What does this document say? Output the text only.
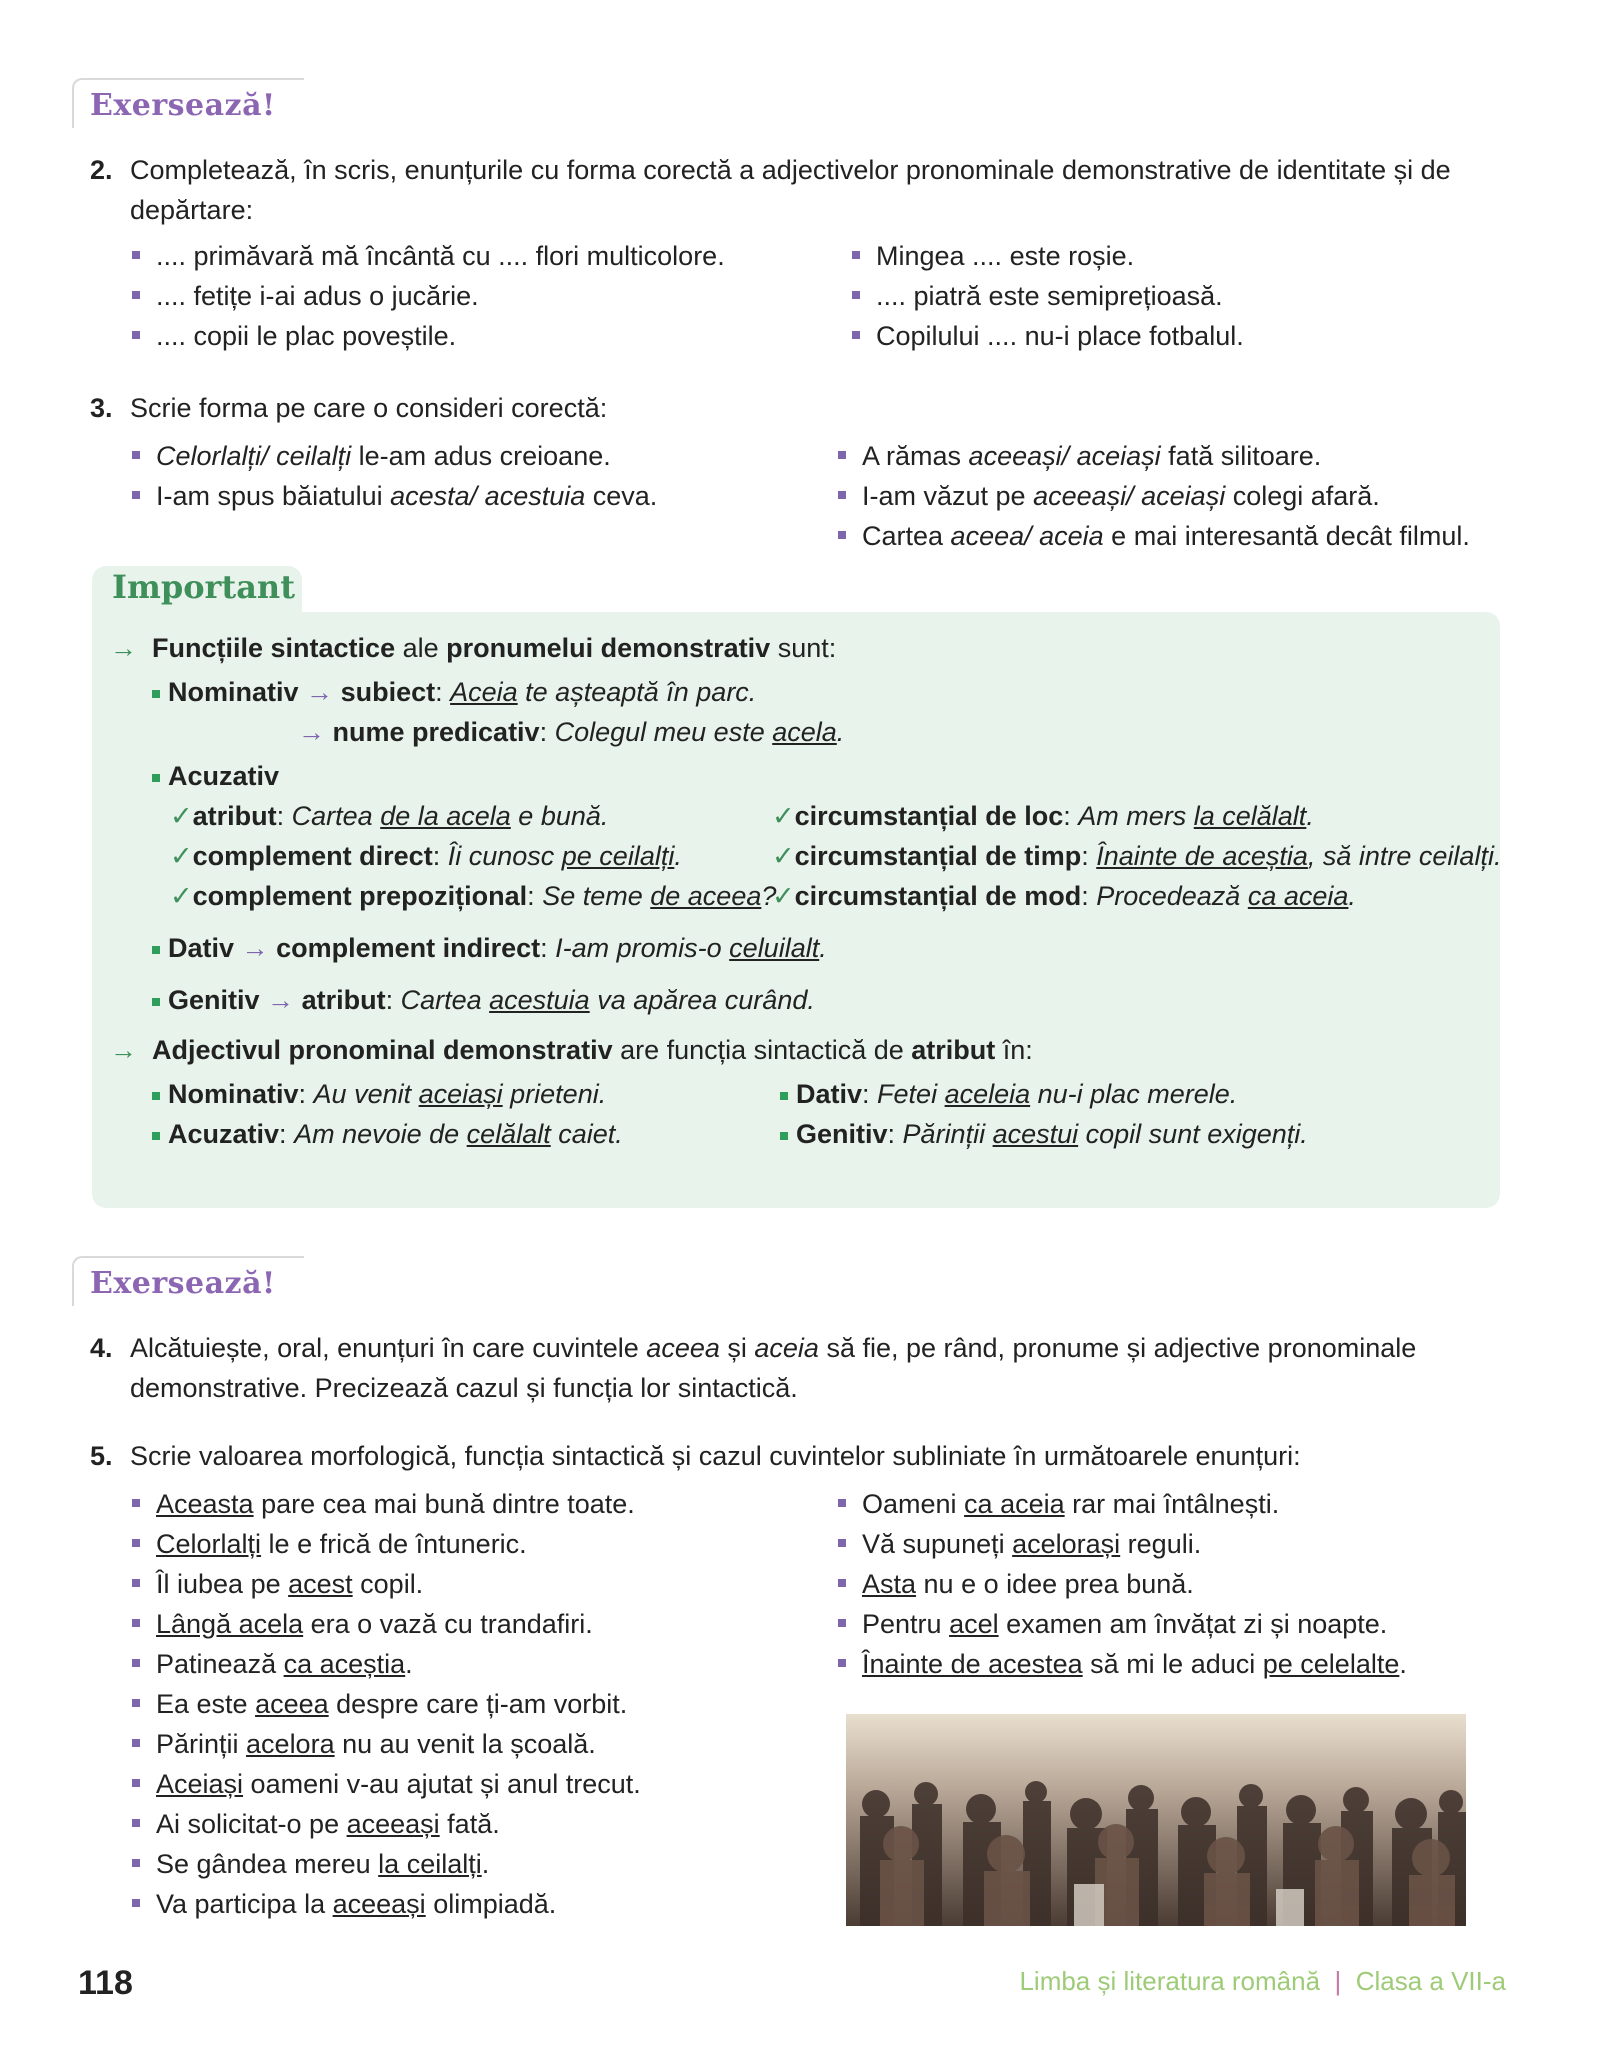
Exersează!
2. Completează, în scris, enunțurile cu forma corectă a adjectivelor pronominale demonstrative de identitate și de depărtare:
.... primăvară mă încântă cu .... flori multicolore.
.... fetițe i-ai adus o jucărie.
.... copii le plac poveștile.
Mingea .... este roșie.
.... piatră este semiprețioasă.
Copilului .... nu-i place fotbalul.
3. Scrie forma pe care o consideri corectă:
Celorlalți/ ceilalți le-am adus creioane.
I-am spus băiatului acesta/ acestuia ceva.
A rămas aceeași/ aceiași fată silitoare.
I-am văzut pe aceeași/ aceiași colegi afară.
Cartea aceea/ aceia e mai interesantă decât filmul.
Important
→ Funcțiile sintactice ale pronumelui demonstrativ sunt:
Nominativ → subiect: Aceia te așteaptă în parc.
→ nume predicativ: Colegul meu este acela.
Acuzativ
✓atribut: Cartea de la acela e bună.
✓complement direct: Îi cunosc pe ceilalți.
✓complement prepozițional: Se teme de aceea?
✓circumstanțial de loc: Am mers la celălalt.
✓circumstanțial de timp: Înainte de aceștia, să intre ceilalți.
✓circumstanțial de mod: Procedează ca aceia.
Dativ → complement indirect: I-am promis-o celuilalt.
Genitiv → atribut: Cartea acestuia va apărea curând.
→ Adjectivul pronominal demonstrativ are funcția sintactică de atribut în:
Nominativ: Au venit aceiași prieteni.
Acuzativ: Am nevoie de celălalt caiet.
Dativ: Fetei aceleia nu-i plac merele.
Genitiv: Părinții acestui copil sunt exigenți.
Exersează!
4. Alcătuiește, oral, enunțuri în care cuvintele aceea și aceia să fie, pe rând, pronume și adjective pronominale demonstrative. Precizează cazul și funcția lor sintactică.
5. Scrie valoarea morfologică, funcția sintactică și cazul cuvintelor subliniate în următoarele enunțuri:
Aceasta pare cea mai bună dintre toate.
Celorlalți le e frică de întuneric.
Îl iubea pe acest copil.
Lângă acela era o vază cu trandafiri.
Patinează ca aceștia.
Ea este aceea despre care ți-am vorbit.
Părinții acelora nu au venit la școală.
Aceiași oameni v-au ajutat și anul trecut.
Ai solicitat-o pe aceeași fată.
Se gândea mereu la ceilalți.
Va participa la aceeași olimpiadă.
Oameni ca aceia rar mai întâlnești.
Vă supuneți acelorași reguli.
Asta nu e o idee prea bună.
Pentru acel examen am învățat zi și noapte.
Înainte de acestea să mi le aduci pe celelalte.
118	Limba și literatura română | Clasa a VII-a
